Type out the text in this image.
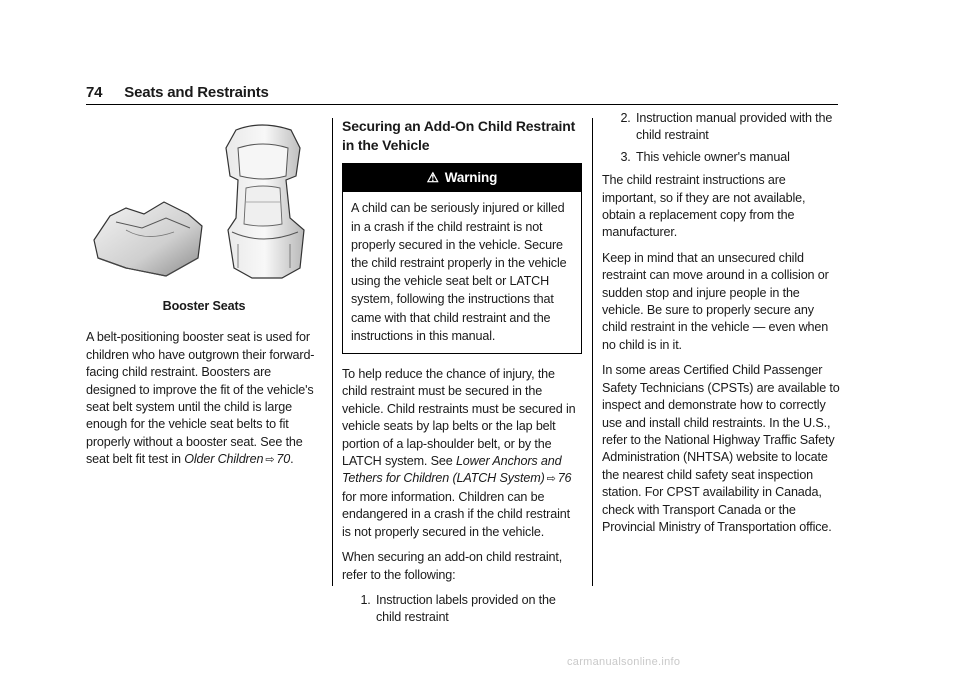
74 Seats and Restraints
Booster Seats

A belt-positioning booster seat is used for children who have outgrown their forward-facing child restraint. Boosters are designed to improve the fit of the vehicle's seat belt system until the child is large enough for the vehicle seat belts to fit properly without a booster seat. See the seat belt fit test in Older Children ⇨ 70.

Securing an Add-On Child Restraint in the Vehicle
⚠ Warning
A child can be seriously injured or killed in a crash if the child restraint is not properly secured in the vehicle. Secure the child restraint properly in the vehicle using the vehicle seat belt or LATCH system, following the instructions that came with that child restraint and the instructions in this manual.

To help reduce the chance of injury, the child restraint must be secured in the vehicle. Child restraints must be secured in vehicle seats by lap belts or the lap belt portion of a lap-shoulder belt, or by the LATCH system. See Lower Anchors and Tethers for Children (LATCH System) ⇨ 76 for more information. Children can be endangered in a crash if the child restraint is not properly secured in the vehicle.

When securing an add-on child restraint, refer to the following:

1. Instruction labels provided on the child restraint
2. Instruction manual provided with the child restraint
3. This vehicle owner's manual

The child restraint instructions are important, so if they are not available, obtain a replacement copy from the manufacturer.

Keep in mind that an unsecured child restraint can move around in a collision or sudden stop and injure people in the vehicle. Be sure to properly secure any child restraint in the vehicle — even when no child is in it.

In some areas Certified Child Passenger Safety Technicians (CPSTs) are available to inspect and demonstrate how to correctly use and install child restraints. In the U.S., refer to the National Highway Traffic Safety Administration (NHTSA) website to locate the nearest child safety seat inspection station. For CPST availability in Canada, check with Transport Canada or the Provincial Ministry of Transportation office.

carmanualsonline.info
